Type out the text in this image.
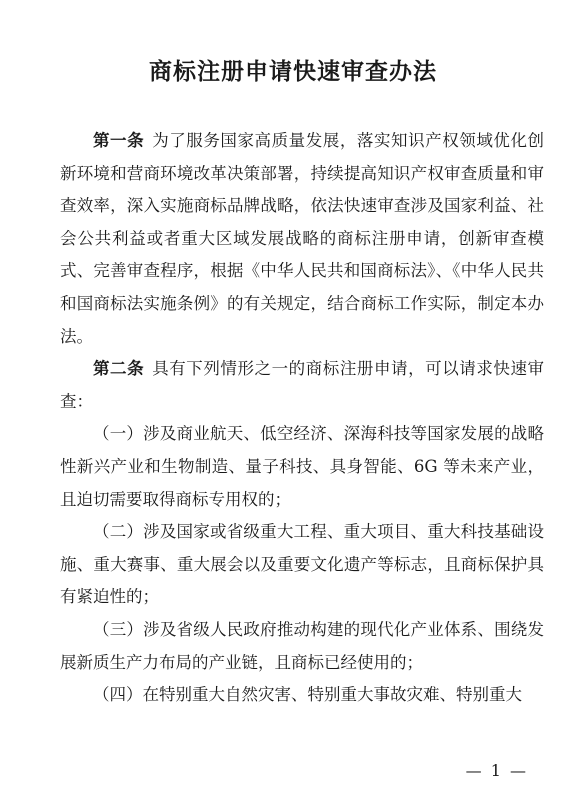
商标注册申请快速审查办法

第一条 为了服务国家高质量发展，落实知识产权领域优化创新环境和营商环境改革决策部署，持续提高知识产权审查质量和审查效率，深入实施商标品牌战略，依法快速审查涉及国家利益、社会公共利益或者重大区域发展战略的商标注册申请，创新审查模式、完善审查程序，根据《中华人民共和国商标法》、《中华人民共和国商标法实施条例》的有关规定，结合商标工作实际，制定本办法。

第二条 具有下列情形之一的商标注册申请，可以请求快速审查：

（一）涉及商业航天、低空经济、深海科技等国家发展的战略性新兴产业和生物制造、量子科技、具身智能、6G 等未来产业，且迫切需要取得商标专用权的；

（二）涉及国家或省级重大工程、重大项目、重大科技基础设施、重大赛事、重大展会以及重要文化遗产等标志，且商标保护具有紧迫性的；

（三）涉及省级人民政府推动构建的现代化产业体系、围绕发展新质生产力布局的产业链，且商标已经使用的；

（四）在特别重大自然灾害、特别重大事故灾难、特别重大

— 1 —
